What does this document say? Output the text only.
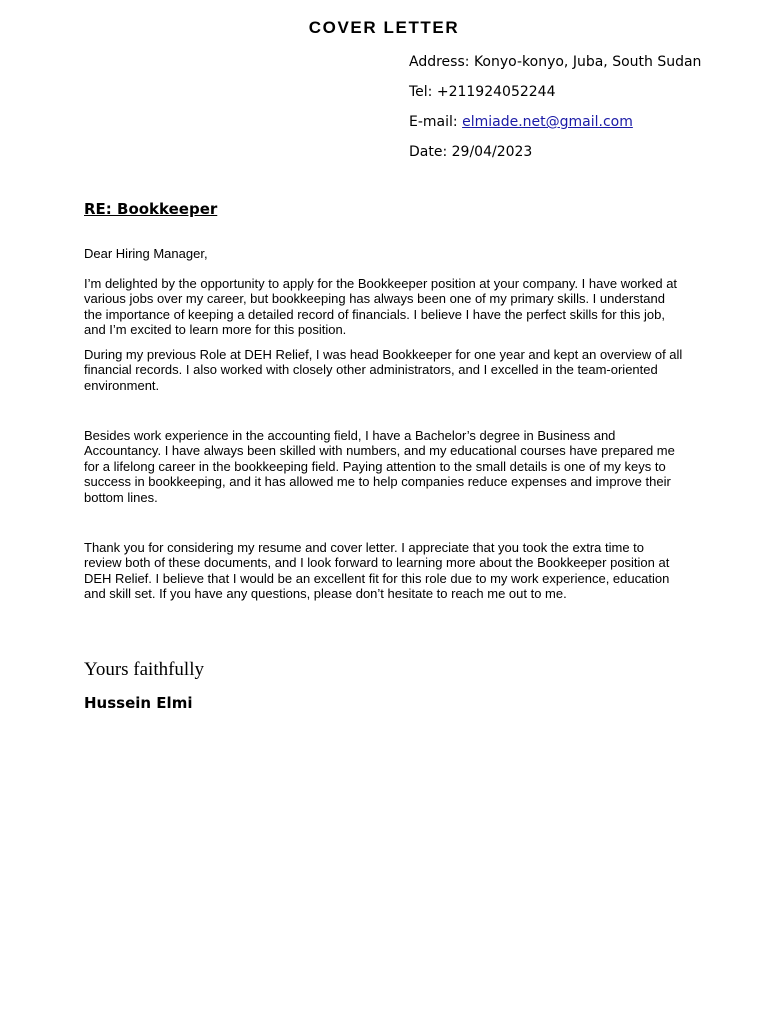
COVER LETTER
Address: Konyo-konyo, Juba, South Sudan
Tel: +211924052244
E-mail: elmiade.net@gmail.com
Date: 29/04/2023
RE: Bookkeeper
Dear Hiring Manager,
I’m delighted by the opportunity to apply for the Bookkeeper position at your company. I have worked at various jobs over my career, but bookkeeping has always been one of my primary skills. I understand the importance of keeping a detailed record of financials. I believe I have the perfect skills for this job, and I’m excited to learn more for this position.
During my previous Role at DEH Relief, I was head Bookkeeper for one year and kept an overview of all financial records. I also worked with closely other administrators, and I excelled in the team-oriented environment.
Besides work experience in the accounting field, I have a Bachelor’s degree in Business and Accountancy. I have always been skilled with numbers, and my educational courses have prepared me for a lifelong career in the bookkeeping field. Paying attention to the small details is one of my keys to success in bookkeeping, and it has allowed me to help companies reduce expenses and improve their bottom lines.
Thank you for considering my resume and cover letter. I appreciate that you took the extra time to review both of these documents, and I look forward to learning more about the Bookkeeper position at DEH Relief. I believe that I would be an excellent fit for this role due to my work experience, education and skill set. If you have any questions, please don’t hesitate to reach me out to me.
Yours faithfully
Hussein Elmi
